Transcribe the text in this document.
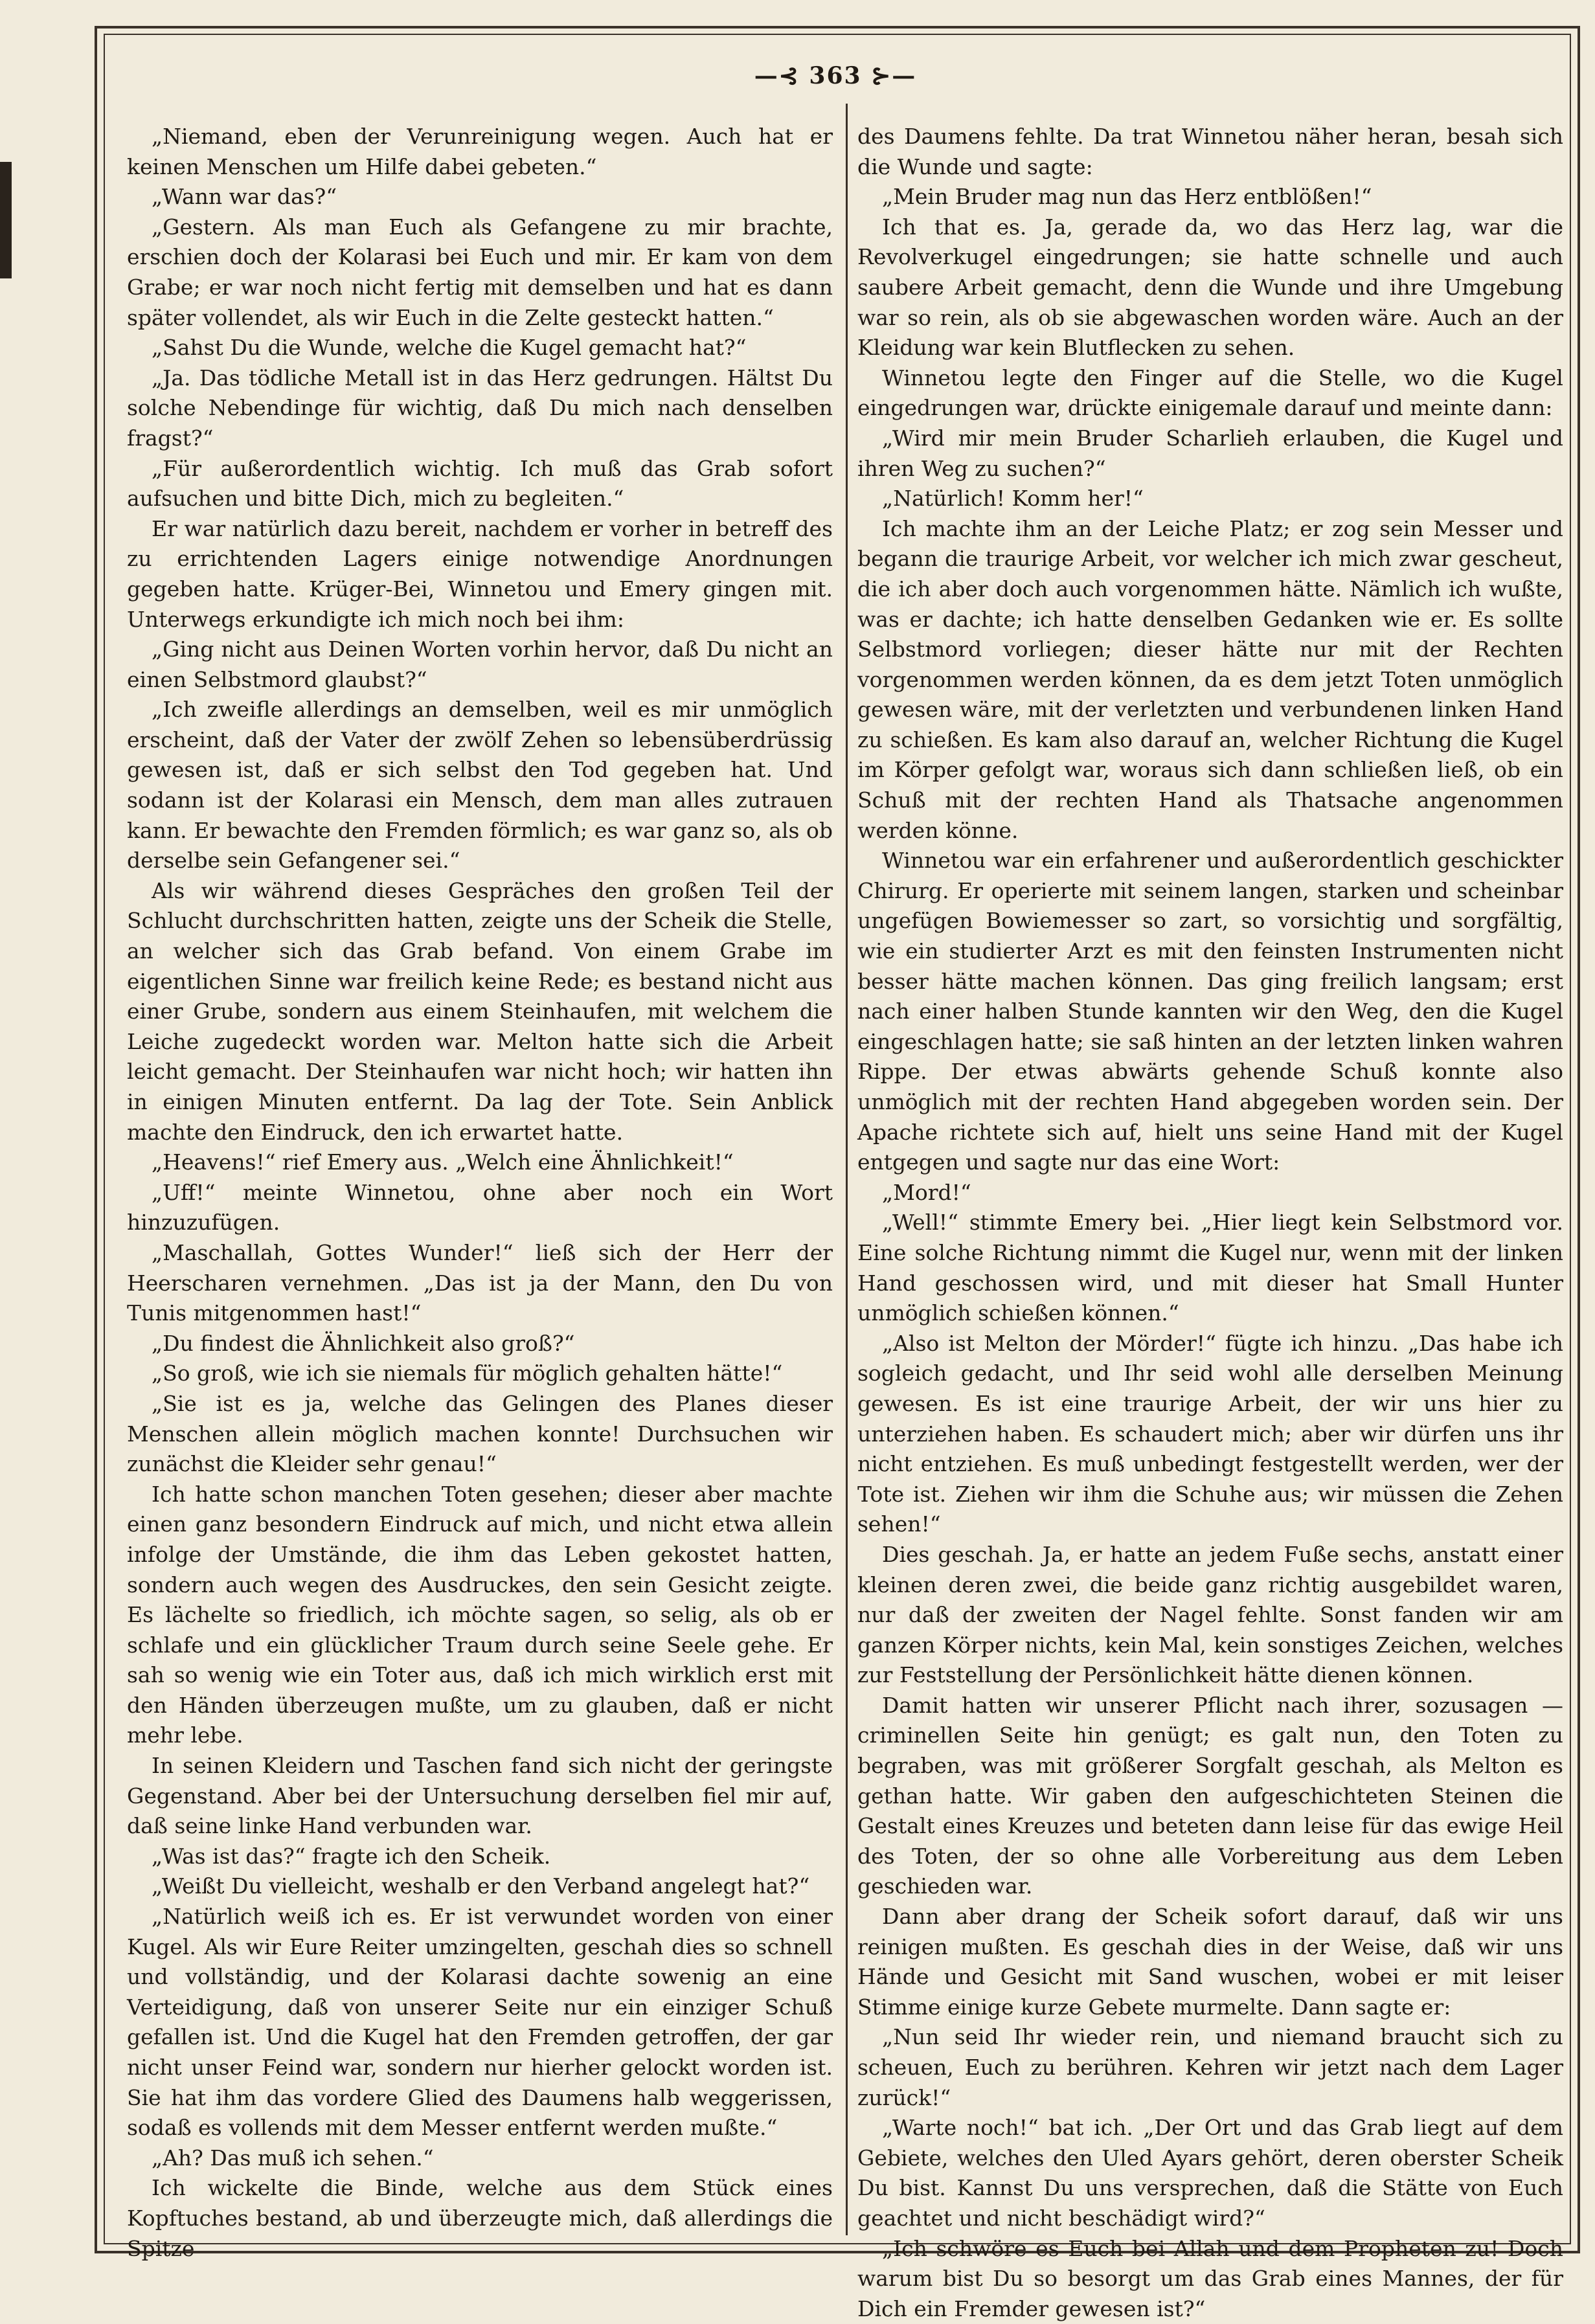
—⊰ 363 ⊱—

„Niemand, eben der Verunreinigung wegen. Auch hat er keinen Menschen um Hilfe dabei gebeten.“

„Wann war das?“

„Gestern. Als man Euch als Gefangene zu mir brachte, erschien doch der Kolarasi bei Euch und mir. Er kam von dem Grabe; er war noch nicht fertig mit demselben und hat es dann später vollendet, als wir Euch in die Zelte gesteckt hatten.“

„Sahst Du die Wunde, welche die Kugel gemacht hat?“

„Ja. Das tödliche Metall ist in das Herz gedrungen. Hältst Du solche Nebendinge für wichtig, daß Du mich nach denselben fragst?“

„Für außerordentlich wichtig. Ich muß das Grab sofort aufsuchen und bitte Dich, mich zu begleiten.“

Er war natürlich dazu bereit, nachdem er vorher in betreff des zu errichtenden Lagers einige notwendige Anordnungen gegeben hatte. Krüger-Bei, Winnetou und Emery gingen mit. Unterwegs erkundigte ich mich noch bei ihm:

„Ging nicht aus Deinen Worten vorhin hervor, daß Du nicht an einen Selbstmord glaubst?“

„Ich zweifle allerdings an demselben, weil es mir unmöglich erscheint, daß der Vater der zwölf Zehen so lebensüberdrüssig gewesen ist, daß er sich selbst den Tod gegeben hat. Und sodann ist der Kolarasi ein Mensch, dem man alles zutrauen kann. Er bewachte den Fremden förmlich; es war ganz so, als ob derselbe sein Gefangener sei.“

Als wir während dieses Gespräches den großen Teil der Schlucht durchschritten hatten, zeigte uns der Scheik die Stelle, an welcher sich das Grab befand. Von einem Grabe im eigentlichen Sinne war freilich keine Rede; es bestand nicht aus einer Grube, sondern aus einem Steinhaufen, mit welchem die Leiche zugedeckt worden war. Melton hatte sich die Arbeit leicht gemacht. Der Steinhaufen war nicht hoch; wir hatten ihn in einigen Minuten entfernt. Da lag der Tote. Sein Anblick machte den Eindruck, den ich erwartet hatte.

„Heavens!“ rief Emery aus. „Welch eine Ähnlichkeit!“

„Uff!“ meinte Winnetou, ohne aber noch ein Wort hinzuzufügen.

„Maschallah, Gottes Wunder!“ ließ sich der Herr der Heerscharen vernehmen. „Das ist ja der Mann, den Du von Tunis mitgenommen hast!“

„Du findest die Ähnlichkeit also groß?“

„So groß, wie ich sie niemals für möglich gehalten hätte!“

„Sie ist es ja, welche das Gelingen des Planes dieser Menschen allein möglich machen konnte! Durchsuchen wir zunächst die Kleider sehr genau!“

Ich hatte schon manchen Toten gesehen; dieser aber machte einen ganz besondern Eindruck auf mich, und nicht etwa allein infolge der Umstände, die ihm das Leben gekostet hatten, sondern auch wegen des Ausdruckes, den sein Gesicht zeigte. Es lächelte so friedlich, ich möchte sagen, so selig, als ob er schlafe und ein glücklicher Traum durch seine Seele gehe. Er sah so wenig wie ein Toter aus, daß ich mich wirklich erst mit den Händen überzeugen mußte, um zu glauben, daß er nicht mehr lebe.

In seinen Kleidern und Taschen fand sich nicht der geringste Gegenstand. Aber bei der Untersuchung derselben fiel mir auf, daß seine linke Hand verbunden war.

„Was ist das?“ fragte ich den Scheik.

„Weißt Du vielleicht, weshalb er den Verband angelegt hat?“

„Natürlich weiß ich es. Er ist verwundet worden von einer Kugel. Als wir Eure Reiter umzingelten, geschah dies so schnell und vollständig, und der Kolarasi dachte sowenig an eine Verteidigung, daß von unserer Seite nur ein einziger Schuß gefallen ist. Und die Kugel hat den Fremden getroffen, der gar nicht unser Feind war, sondern nur hierher gelockt worden ist. Sie hat ihm das vordere Glied des Daumens halb weggerissen, sodaß es vollends mit dem Messer entfernt werden mußte.“

„Ah? Das muß ich sehen.“

Ich wickelte die Binde, welche aus dem Stück eines Kopftuches bestand, ab und überzeugte mich, daß allerdings die Spitze

des Daumens fehlte. Da trat Winnetou näher heran, besah sich die Wunde und sagte:

„Mein Bruder mag nun das Herz entblößen!“

Ich that es. Ja, gerade da, wo das Herz lag, war die Revolverkugel eingedrungen; sie hatte schnelle und auch saubere Arbeit gemacht, denn die Wunde und ihre Umgebung war so rein, als ob sie abgewaschen worden wäre. Auch an der Kleidung war kein Blutflecken zu sehen.

Winnetou legte den Finger auf die Stelle, wo die Kugel eingedrungen war, drückte einigemale darauf und meinte dann:

„Wird mir mein Bruder Scharlieh erlauben, die Kugel und ihren Weg zu suchen?“

„Natürlich! Komm her!“

Ich machte ihm an der Leiche Platz; er zog sein Messer und begann die traurige Arbeit, vor welcher ich mich zwar gescheut, die ich aber doch auch vorgenommen hätte. Nämlich ich wußte, was er dachte; ich hatte denselben Gedanken wie er. Es sollte Selbstmord vorliegen; dieser hätte nur mit der Rechten vorgenommen werden können, da es dem jetzt Toten unmöglich gewesen wäre, mit der verletzten und verbundenen linken Hand zu schießen. Es kam also darauf an, welcher Richtung die Kugel im Körper gefolgt war, woraus sich dann schließen ließ, ob ein Schuß mit der rechten Hand als Thatsache angenommen werden könne.

Winnetou war ein erfahrener und außerordentlich geschickter Chirurg. Er operierte mit seinem langen, starken und scheinbar ungefügen Bowiemesser so zart, so vorsichtig und sorgfältig, wie ein studierter Arzt es mit den feinsten Instrumenten nicht besser hätte machen können. Das ging freilich langsam; erst nach einer halben Stunde kannten wir den Weg, den die Kugel eingeschlagen hatte; sie saß hinten an der letzten linken wahren Rippe. Der etwas abwärts gehende Schuß konnte also unmöglich mit der rechten Hand abgegeben worden sein. Der Apache richtete sich auf, hielt uns seine Hand mit der Kugel entgegen und sagte nur das eine Wort:

„Mord!“

„Well!“ stimmte Emery bei. „Hier liegt kein Selbstmord vor. Eine solche Richtung nimmt die Kugel nur, wenn mit der linken Hand geschossen wird, und mit dieser hat Small Hunter unmöglich schießen können.“

„Also ist Melton der Mörder!“ fügte ich hinzu. „Das habe ich sogleich gedacht, und Ihr seid wohl alle derselben Meinung gewesen. Es ist eine traurige Arbeit, der wir uns hier zu unterziehen haben. Es schaudert mich; aber wir dürfen uns ihr nicht entziehen. Es muß unbedingt festgestellt werden, wer der Tote ist. Ziehen wir ihm die Schuhe aus; wir müssen die Zehen sehen!“

Dies geschah. Ja, er hatte an jedem Fuße sechs, anstatt einer kleinen deren zwei, die beide ganz richtig ausgebildet waren, nur daß der zweiten der Nagel fehlte. Sonst fanden wir am ganzen Körper nichts, kein Mal, kein sonstiges Zeichen, welches zur Feststellung der Persönlichkeit hätte dienen können.

Damit hatten wir unserer Pflicht nach ihrer, sozusagen — criminellen Seite hin genügt; es galt nun, den Toten zu begraben, was mit größerer Sorgfalt geschah, als Melton es gethan hatte. Wir gaben den aufgeschichteten Steinen die Gestalt eines Kreuzes und beteten dann leise für das ewige Heil des Toten, der so ohne alle Vorbereitung aus dem Leben geschieden war.

Dann aber drang der Scheik sofort darauf, daß wir uns reinigen mußten. Es geschah dies in der Weise, daß wir uns Hände und Gesicht mit Sand wuschen, wobei er mit leiser Stimme einige kurze Gebete murmelte. Dann sagte er:

„Nun seid Ihr wieder rein, und niemand braucht sich zu scheuen, Euch zu berühren. Kehren wir jetzt nach dem Lager zurück!“

„Warte noch!“ bat ich. „Der Ort und das Grab liegt auf dem Gebiete, welches den Uled Ayars gehört, deren oberster Scheik Du bist. Kannst Du uns versprechen, daß die Stätte von Euch geachtet und nicht beschädigt wird?“

„Ich schwöre es Euch bei Allah und dem Propheten zu! Doch warum bist Du so besorgt um das Grab eines Mannes, der für Dich ein Fremder gewesen ist?“
